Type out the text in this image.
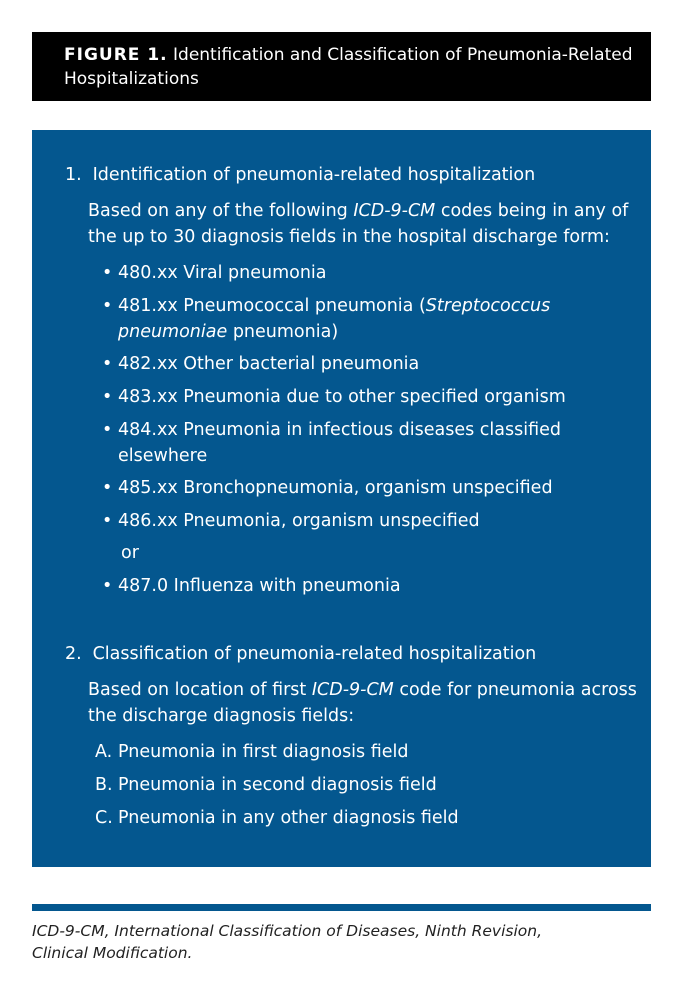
FIGURE 1. Identification and Classification of Pneumonia-Related
Hospitalizations
1. Identification of pneumonia-related hospitalization
Based on any of the following ICD-9-CM codes being in any of
the up to 30 diagnosis fields in the hospital discharge form:
• 480.xx Viral pneumonia
• 481.xx Pneumococcal pneumonia (Streptococcus
pneumoniae pneumonia)
• 482.xx Other bacterial pneumonia
• 483.xx Pneumonia due to other specified organism
• 484.xx Pneumonia in infectious diseases classified
elsewhere
• 485.xx Bronchopneumonia, organism unspecified
• 486.xx Pneumonia, organism unspecified
or
• 487.0 Influenza with pneumonia
2. Classification of pneumonia-related hospitalization
Based on location of first ICD-9-CM code for pneumonia across
the discharge diagnosis fields:
A. Pneumonia in first diagnosis field
B. Pneumonia in second diagnosis field
C. Pneumonia in any other diagnosis field
ICD-9-CM, International Classification of Diseases, Ninth Revision,
Clinical Modification.
